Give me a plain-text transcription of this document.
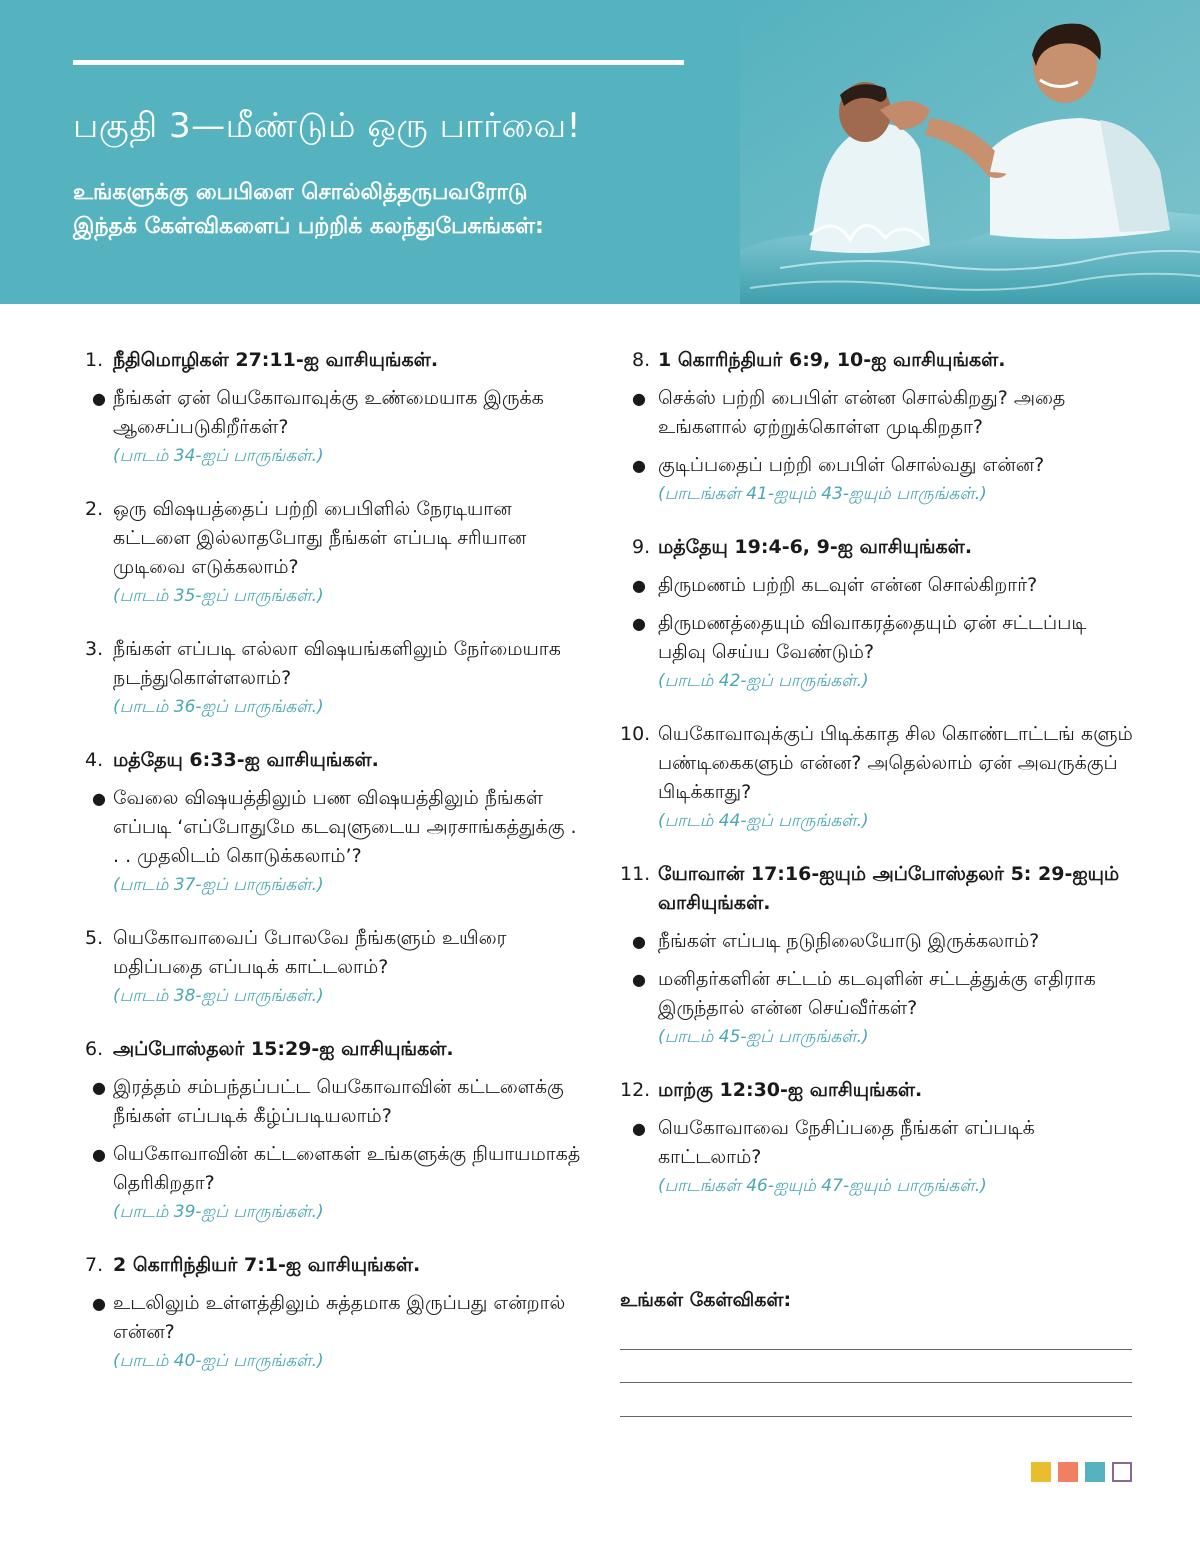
பகுதி 3—மீண்டும் ஒரு பார்வை!
உங்களுக்கு பைபிளை சொல்லித்தருபவரோடு
இந்தக் கேள்விகளைப் பற்றிக் கலந்துபேசுங்கள்:
1. நீதிமொழிகள் 27:11-ஐ வாசியுங்கள்.
● நீங்கள் ஏன் யெகோவாவுக்கு உண்மையாக இருக்க ஆசைப்படுகிறீர்கள்?
(பாடம் 34-ஐப் பாருங்கள்.)
2. ஒரு விஷயத்தைப் பற்றி பைபிளில் நேரடியான கட்டளை இல்லாதபோது நீங்கள் எப்படி சரியான முடிவை எடுக்கலாம்?
(பாடம் 35-ஐப் பாருங்கள்.)
3. நீங்கள் எப்படி எல்லா விஷயங்களிலும் நேர்மையாக நடந்துகொள்ளலாம்?
(பாடம் 36-ஐப் பாருங்கள்.)
4. மத்தேயு 6:33-ஐ வாசியுங்கள்.
● வேலை விஷயத்திலும் பண விஷயத்திலும் நீங்கள் எப்படி ‘எப்போதுமே கடவுளுடைய அரசாங்கத்துக்கு . . . முதலிடம் கொடுக்கலாம்’?
(பாடம் 37-ஐப் பாருங்கள்.)
5. யெகோவாவைப் போலவே நீங்களும் உயிரை மதிப்பதை எப்படிக் காட்டலாம்?
(பாடம் 38-ஐப் பாருங்கள்.)
6. அப்போஸ்தலர் 15:29-ஐ வாசியுங்கள்.
● இரத்தம் சம்பந்தப்பட்ட யெகோவாவின் கட்டளைக்கு நீங்கள் எப்படிக் கீழ்ப்படியலாம்?
● யெகோவாவின் கட்டளைகள் உங்களுக்கு நியாயமாகத் தெரிகிறதா?
(பாடம் 39-ஐப் பாருங்கள்.)
7. 2 கொரிந்தியர் 7:1-ஐ வாசியுங்கள்.
● உடலிலும் உள்ளத்திலும் சுத்தமாக இருப்பது என்றால் என்ன?
(பாடம் 40-ஐப் பாருங்கள்.)
8. 1 கொரிந்தியர் 6:9, 10-ஐ வாசியுங்கள்.
● செக்ஸ் பற்றி பைபிள் என்ன சொல்கிறது? அதை உங்களால் ஏற்றுக்கொள்ள முடிகிறதா?
● குடிப்பதைப் பற்றி பைபிள் சொல்வது என்ன?
(பாடங்கள் 41-ஐயும் 43-ஐயும் பாருங்கள்.)
9. மத்தேயு 19:4-6, 9-ஐ வாசியுங்கள்.
● திருமணம் பற்றி கடவுள் என்ன சொல்கிறார்?
● திருமணத்தையும் விவாகரத்தையும் ஏன் சட்டப்படி பதிவு செய்ய வேண்டும்?
(பாடம் 42-ஐப் பாருங்கள்.)
10. யெகோவாவுக்குப் பிடிக்காத சில கொண்டாட்டங் களும் பண்டிகைகளும் என்ன? அதெல்லாம் ஏன் அவருக்குப் பிடிக்காது?
(பாடம் 44-ஐப் பாருங்கள்.)
11. யோவான் 17:16-ஐயும் அப்போஸ்தலர் 5: 29-ஐயும் வாசியுங்கள்.
● நீங்கள் எப்படி நடுநிலையோடு இருக்கலாம்?
● மனிதர்களின் சட்டம் கடவுளின் சட்டத்துக்கு எதிராக இருந்தால் என்ன செய்வீர்கள்?
(பாடம் 45-ஐப் பாருங்கள்.)
12. மாற்கு 12:30-ஐ வாசியுங்கள்.
● யெகோவாவை நேசிப்பதை நீங்கள் எப்படிக் காட்டலாம்?
(பாடங்கள் 46-ஐயும் 47-ஐயும் பாருங்கள்.)
உங்கள் கேள்விகள்:
